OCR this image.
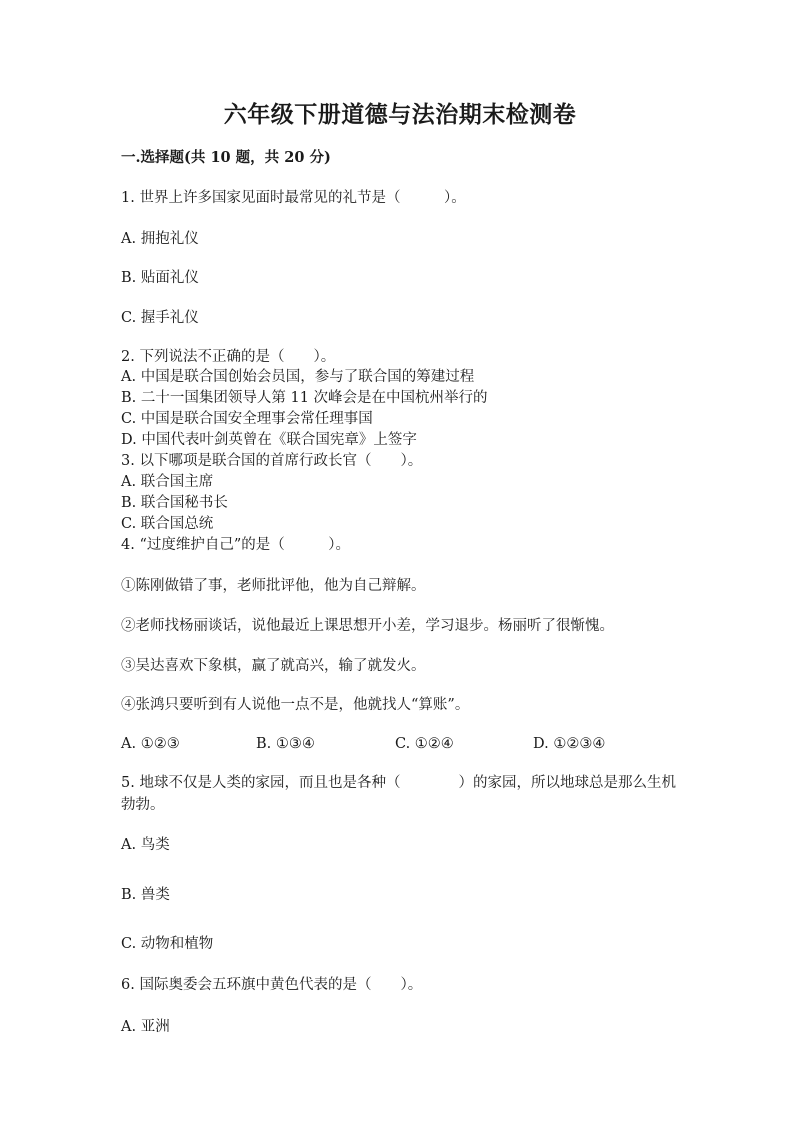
六年级下册道德与法治期末检测卷
一.选择题(共 10 题，共 20 分)
1. 世界上许多国家见面时最常见的礼节是（　　　）。
A. 拥抱礼仪
B. 贴面礼仪
C. 握手礼仪
2. 下列说法不正确的是（　　）。
A. 中国是联合国创始会员国，参与了联合国的筹建过程
B. 二十一国集团领导人第 11 次峰会是在中国杭州举行的
C. 中国是联合国安全理事会常任理事国
D. 中国代表叶剑英曾在《联合国宪章》上签字
3. 以下哪项是联合国的首席行政长官（　　）。
A. 联合国主席
B. 联合国秘书长
C. 联合国总统
4. “过度维护自己”的是（　　　）。
①陈刚做错了事，老师批评他，他为自己辩解。
②老师找杨丽谈话，说他最近上课思想开小差，学习退步。杨丽听了很惭愧。
③吴达喜欢下象棋，赢了就高兴，输了就发火。
④张鸿只要听到有人说他一点不是，他就找人“算账”。
A. ①②③	B. ①③④	C. ①②④	D. ①②③④
5. 地球不仅是人类的家园，而且也是各种（　　　　）的家园，所以地球总是那么生机勃勃。
A. 鸟类
B. 兽类
C. 动物和植物
6. 国际奥委会五环旗中黄色代表的是（　　）。
A. 亚洲
